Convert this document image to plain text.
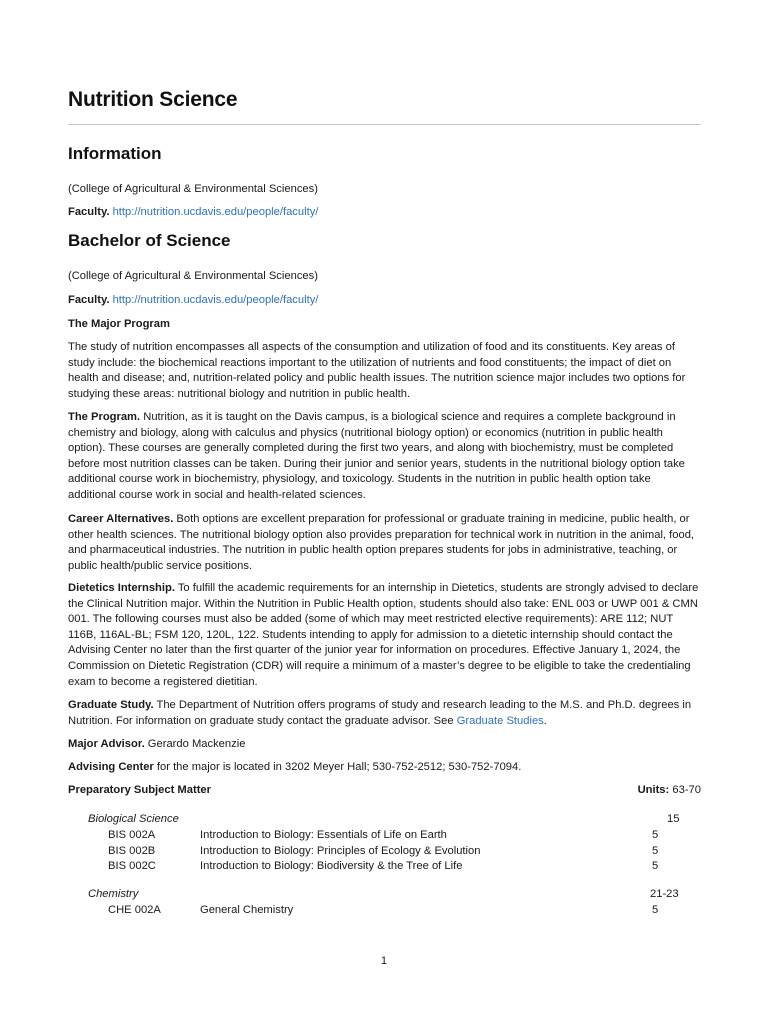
Nutrition Science
Information

(College of Agricultural & Environmental Sciences)

Faculty. http://nutrition.ucdavis.edu/people/faculty/

Bachelor of Science

(College of Agricultural & Environmental Sciences)

Faculty. http://nutrition.ucdavis.edu/people/faculty/

The Major Program

The study of nutrition encompasses all aspects of the consumption and utilization of food and its constituents. Key areas of study include: the biochemical reactions important to the utilization of nutrients and food constituents; the impact of diet on health and disease; and, nutrition-related policy and public health issues. The nutrition science major includes two options for studying these areas: nutritional biology and nutrition in public health.

The Program. Nutrition, as it is taught on the Davis campus, is a biological science and requires a complete background in chemistry and biology, along with calculus and physics (nutritional biology option) or economics (nutrition in public health option). These courses are generally completed during the first two years, and along with biochemistry, must be completed before most nutrition classes can be taken. During their junior and senior years, students in the nutritional biology option take additional course work in biochemistry, physiology, and toxicology. Students in the nutrition in public health option take additional course work in social and health-related sciences.

Career Alternatives. Both options are excellent preparation for professional or graduate training in medicine, public health, or other health sciences. The nutritional biology option also provides preparation for technical work in nutrition in the animal, food, and pharmaceutical industries. The nutrition in public health option prepares students for jobs in administrative, teaching, or public health/public service positions.

Dietetics Internship. To fulfill the academic requirements for an internship in Dietetics, students are strongly advised to declare the Clinical Nutrition major. Within the Nutrition in Public Health option, students should also take: ENL 003 or UWP 001 & CMN 001. The following courses must also be added (some of which may meet restricted elective requirements): ARE 112; NUT 116B, 116AL-BL; FSM 120, 120L, 122. Students intending to apply for admission to a dietetic internship should contact the Advising Center no later than the first quarter of the junior year for information on procedures. Effective January 1, 2024, the Commission on Dietetic Registration (CDR) will require a minimum of a master’s degree to be eligible to take the credentialing exam to become a registered dietitian.

Graduate Study. The Department of Nutrition offers programs of study and research leading to the M.S. and Ph.D. degrees in Nutrition. For information on graduate study contact the graduate advisor. See Graduate Studies.

Major Advisor. Gerardo Mackenzie

Advising Center for the major is located in 3202 Meyer Hall; 530-752-2512; 530-752-7094.

Preparatory Subject Matter	Units: 63-70
Biological Science	15
BIS 002A	Introduction to Biology: Essentials of Life on Earth	5
BIS 002B	Introduction to Biology: Principles of Ecology & Evolution	5
BIS 002C	Introduction to Biology: Biodiversity & the Tree of Life	5
Chemistry	21-23
CHE 002A	General Chemistry	5
1
